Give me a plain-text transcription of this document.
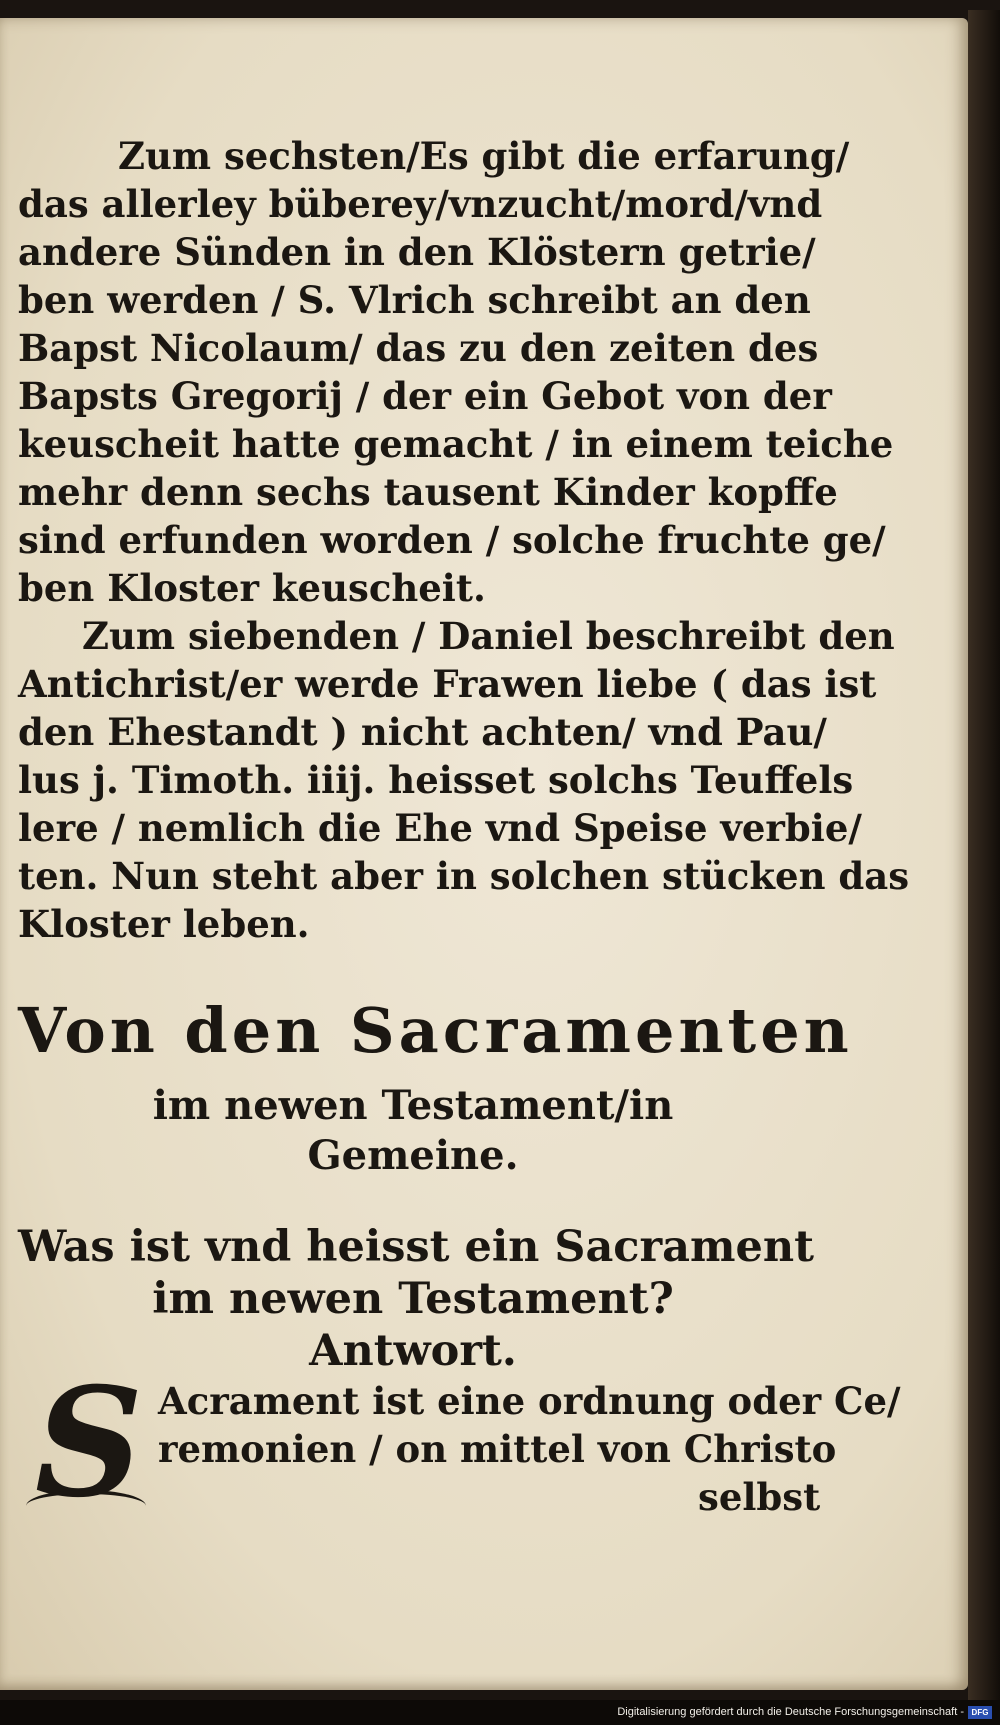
Zum sechsten/Es gibt die erfarung/
das allerley büberey/vnzucht/mord/vnd
andere Sünden in den Klöstern getrie/
ben werden / S. Vlrich schreibt an den
Bapst Nicolaum/ das zu den zeiten des
Bapsts Gregorij / der ein Gebot von der
keuscheit hatte gemacht / in einem teiche
mehr denn sechs tausent Kinder kopffe
sind erfunden worden / solche fruchte ge/
ben Kloster keuscheit.
Zum siebenden / Daniel beschreibt den
Antichrist/er werde Frawen liebe ( das ist
den Ehestandt ) nicht achten/ vnd Pau/
lus j. Timoth. iiij. heisset solchs Teuffels
lere / nemlich die Ehe vnd Speise verbie/
ten. Nun steht aber in solchen stücken das
Kloster leben.
Von den Sacramenten
im newen Testament/in
Gemeine.
Was ist vnd heisst ein Sacrament
im newen Testament?
Antwort.
Acrament ist eine ordnung oder Ce/
remonien / on mittel von Christo
selbst
S
Digitalisierung gefördert durch die Deutsche Forschungsgemeinschaft - DFG
